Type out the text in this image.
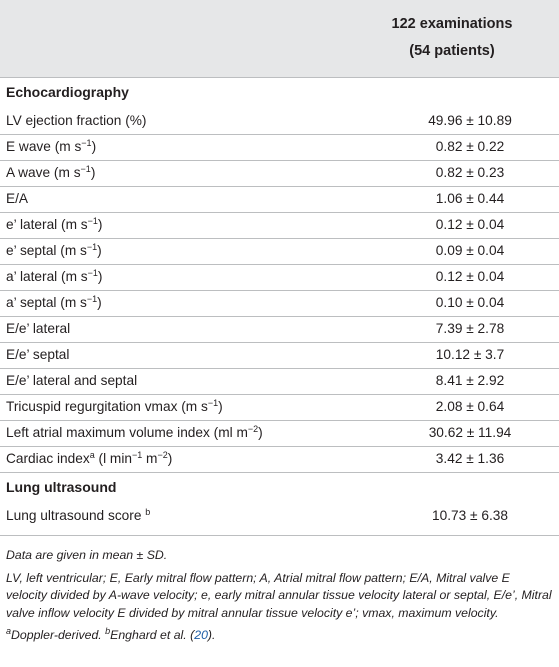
122 examinations
(54 patients)
Echocardiography
LV ejection fraction (%)	49.96 ± 10.89
E wave (m $s^{-1}$)	0.82 ± 0.22
A wave (m $s^{-1}$)	0.82 ± 0.23
E/A	1.06 ± 0.44
e’ lateral (m $s^{-1}$)	0.12 ± 0.04
e’ septal (m $s^{-1}$)	0.09 ± 0.04
a’ lateral (m $s^{-1}$)	0.12 ± 0.04
a’ septal (m $s^{-1}$)	0.10 ± 0.04
E/e’ lateral	7.39 ± 2.78
E/e’ septal	10.12 ± 3.7
E/e’ lateral and septal	8.41 ± 2.92
Tricuspid regurgitation vmax (m $s^{-1}$)	2.08 ± 0.64
Left atrial maximum volume index (ml $m^{-2}$)	30.62 ± 11.94
Cardiac index$^a$ (l $\min^{-1} m^{-2}$)	3.42 ± 1.36
Lung ultrasound
Lung ultrasound score $^b$	10.73 ± 6.38

Data are given in mean ± SD.

LV, left ventricular; E, Early mitral flow pattern; A, Atrial mitral flow pattern; E/A, Mitral valve E velocity divided by A-wave velocity; e, early mitral annular tissue velocity lateral or septal, E/e’, Mitral valve inflow velocity E divided by mitral annular tissue velocity e’; vmax, maximum velocity.

$^a$Doppler-derived. $^b$Enghard et al. (20).
